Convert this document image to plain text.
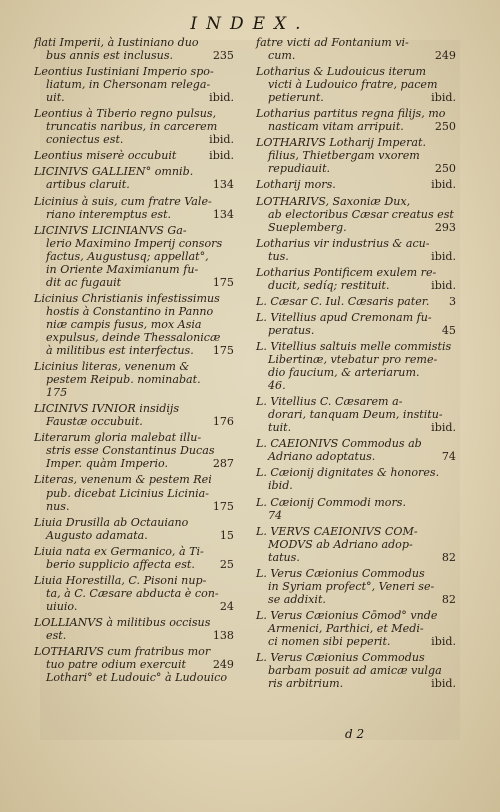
INDEX.
flati Imperii, à Iustiniano duo
bus annis est inclusus.	235
Leontius Iustiniani Imperio spo-
liatum, in Chersonam relega-
uit.	ibid.
Leontius à Tiberio regno pulsus,
truncatis naribus, in carcerem
coniectus est.	ibid.
Leontius miserè occubuit	ibid.
LICINIVS GALLIEN° omnib.
artibus claruit.	134
Licinius à suis, cum fratre Vale-
riano interemptus est.	134
LICINIVS LICINIANVS Ga-
lerio Maximino Imperij consors
factus, Augustusq; appellat°,
in Oriente Maximianum fu-
dit ac fugauit	175
Licinius Christianis infestissimus
hostis à Constantino in Panno
niæ campis fusus, mox Asia
expulsus, deinde Thessalonicæ
à militibus est interfectus.	175
Licinius literas, venenum &
pestem Reipub. nominabat.
175
LICINIVS IVNIOR insidijs
Faustæ occubuit.	176
Literarum gloria malebat illu-
stris esse Constantinus Ducas
Imper. quàm Imperio.	287
Literas, venenum & pestem Rei
pub. dicebat Licinius Licinia-
nus.	175
Liuia Drusilla ab Octauiano
Augusto adamata.	15
Liuia nata ex Germanico, à Ti-
berio supplicio affecta est.	25
Liuia Horestilla, C. Pisoni nup-
ta, à C. Cæsare abducta è con-
uiuio.	24
LOLLIANVS à militibus occisus
est.	138
LOTHARIVS cum fratribus mor
tuo patre odium exercuit	249
Lothari° et Ludouic° à Ludouico
fatre victi ad Fontanium vi-
cum.	249
Lotharius & Ludouicus iterum
victi à Ludouico fratre, pacem
petierunt.	ibid.
Lotharius partitus regna filijs, mo
nasticam vitam arripuit.	250
LOTHARIVS Lotharij Imperat.
filius, Thietbergam vxorem
repudiauit.	250
Lotharij mors.	ibid.
LOTHARIVS, Saxoniæ Dux,
ab electoribus Cæsar creatus est
Sueplemberg.	293
Lotharius vir industrius & acu-
tus.	ibid.
Lotharius Pontificem exulem re-
ducit, sedíq; restituit.	ibid.
L. Cæsar C. Iul. Cæsaris pater.	3
L. Vitellius apud Cremonam fu-
peratus.	45
L. Vitellius saltuis melle commistis
Libertinæ, vtebatur pro reme-
dio faucium, & arteriarum.
46.
L. Vitellius C. Cæsarem a-
dorari, tanquam Deum, institu-
tuit.	ibid.
L. CAEIONIVS Commodus ab
Adriano adoptatus.	74
L. Cæionij dignitates & honores.
ibid.
L. Cæionij Commodi mors.
74
L. VERVS CAEIONIVS COM-
MODVS ab Adriano adop-
tatus.	82
L. Verus Cæionius Commodus
in Syriam profect°, Veneri se-
se addixit.	82
L. Verus Cæionius Cōmod° vnde
Armenici, Parthici, et Medi-
ci nomen sibi peperit.	ibid.
L. Verus Cæionius Commodus
barbam posuit ad amicæ vulga
ris arbitrium.	ibid.
d 2
